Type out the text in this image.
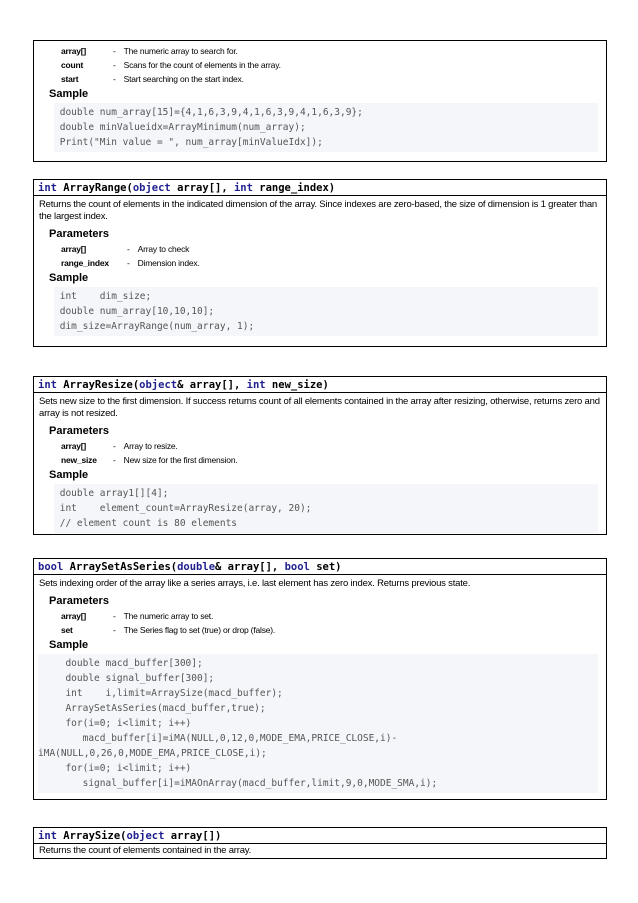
array[]	-	The numeric array to search for.
count	-	Scans for the count of elements in the array.
start	-	Start searching on the start index.
Sample
double num_array[15]={4,1,6,3,9,4,1,6,3,9,4,1,6,3,9};
double minValueidx=ArrayMinimum(num_array);
Print("Min value = ", num_array[minValueIdx]);
int ArrayRange(object array[], int range_index)
Returns the count of elements in the indicated dimension of the array. Since indexes are zero-based, the size of dimension is 1 greater than the largest index.
Parameters
array[]	-	Array to check
range_index	-	Dimension index.
Sample
int    dim_size;
double num_array[10,10,10];
dim_size=ArrayRange(num_array, 1);
int ArrayResize(object& array[], int new_size)
Sets new size to the first dimension. If success returns count of all elements contained in the array after resizing, otherwise, returns zero and array is not resized.
Parameters
array[]	-	Array to resize.
new_size	-	New size for the first dimension.
Sample
double array1[][4];
int    element_count=ArrayResize(array, 20);
// element count is 80 elements
bool ArraySetAsSeries(double& array[], bool set)
Sets indexing order of the array like a series arrays, i.e. last element has zero index. Returns previous state.
Parameters
array[]	-	The numeric array to set.
set	-	The Series flag to set (true) or drop (false).
Sample
double macd_buffer[300];
double signal_buffer[300];
int    i,limit=ArraySize(macd_buffer);
ArraySetAsSeries(macd_buffer,true);
for(i=0; i<limit; i++)
macd_buffer[i]=iMA(NULL,0,12,0,MODE_EMA,PRICE_CLOSE,i)-
iMA(NULL,0,26,0,MODE_EMA,PRICE_CLOSE,i);
for(i=0; i<limit; i++)
signal_buffer[i]=iMAOnArray(macd_buffer,limit,9,0,MODE_SMA,i);
int ArraySize(object array[])
Returns the count of elements contained in the array.
